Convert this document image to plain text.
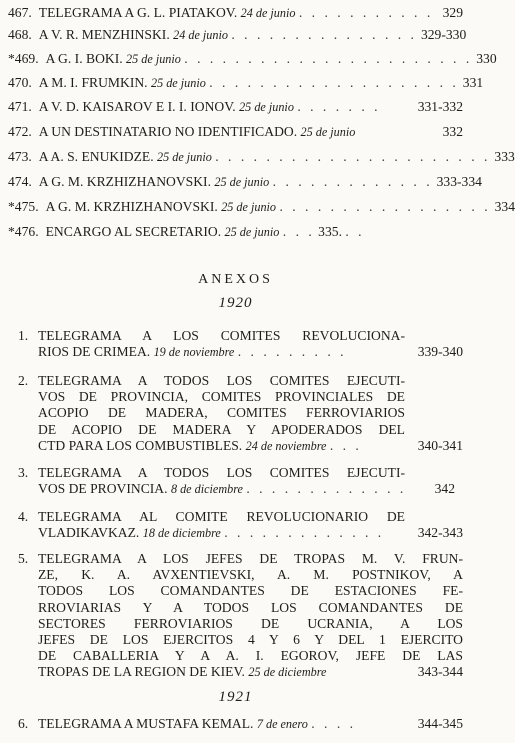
467. TELEGRAMA A G. L. PIATAKOV. 24 de junio . . . . . . . . . . . 329
468. A V. R. MENZHINSKI. 24 de junio . . . . . . . . . . . . . . . 329-330
*469. A G. I. BOKI. 25 de junio . . . . . . . . . . . . . . . . . . . . . . . 330
470. A M. I. FRUMKIN. 25 de junio . . . . . . . . . . . . . . . . . . . . 331
471. A V. D. KAISAROV E I. I. IONOV. 25 de junio . . . . . . .	331-332
472. A UN DESTINATARIO NO IDENTIFICADO. 25 de junio	332
473. A A. S. ENUKIDZE. 25 de junio . . . . . . . . . . . . . . . . . . . . . . 333
474. A G. M. KRZHIZHANOVSKI. 25 de junio . . . . . . . . . . . . . 333-334
*475. A G. M. KRZHIZHANOVSKI. 25 de junio . . . . . . . . . . . . . . . . . 334
*476. ENCARGO AL SECRETARIO. 25 de junio . . . 335. . .
ANEXOS
1920
1. TELEGRAMA A LOS COMITES REVOLUCIONA-
RIOS DE CRIMEA. 19 de noviembre . . . . . . . . .	339-340
2. TELEGRAMA A TODOS LOS COMITES EJECUTI-
VOS DE PROVINCIA, COMITES PROVINCIALES DE
ACOPIO DE MADERA, COMITES FERROVIARIOS
DE ACOPIO DE MADERA Y APODERADOS DEL
CTD PARA LOS COMBUSTIBLES. 24 de noviembre . . .	340-341
3. TELEGRAMA A TODOS LOS COMITES EJECUTI-
VOS DE PROVINCIA. 8 de diciembre . . . . . . . . . . . . . 342
4. TELEGRAMA AL COMITE REVOLUCIONARIO DE
VLADIKAVKAZ. 18 de diciembre . . . . . . . . . . . . .	342-343
5. TELEGRAMA A LOS JEFES DE TROPAS M. V. FRUN-
ZE, K. A. AVXENTIEVSKI, A. M. POSTNIKOV, A
TODOS LOS COMANDANTES DE ESTACIONES FE-
RROVIARIAS Y A TODOS LOS COMANDANTES DE
SECTORES FERROVIARIOS DE UCRANIA, A LOS
JEFES DE LOS EJERCITOS 4 Y 6 Y DEL 1 EJERCITO
DE CABALLERIA Y A A. I. EGOROV, JEFE DE LAS
TROPAS DE LA REGION DE KIEV. 25 de diciembre	343-344
1921
6. TELEGRAMA A MUSTAFA KEMAL. 7 de enero . . . .	344-345
